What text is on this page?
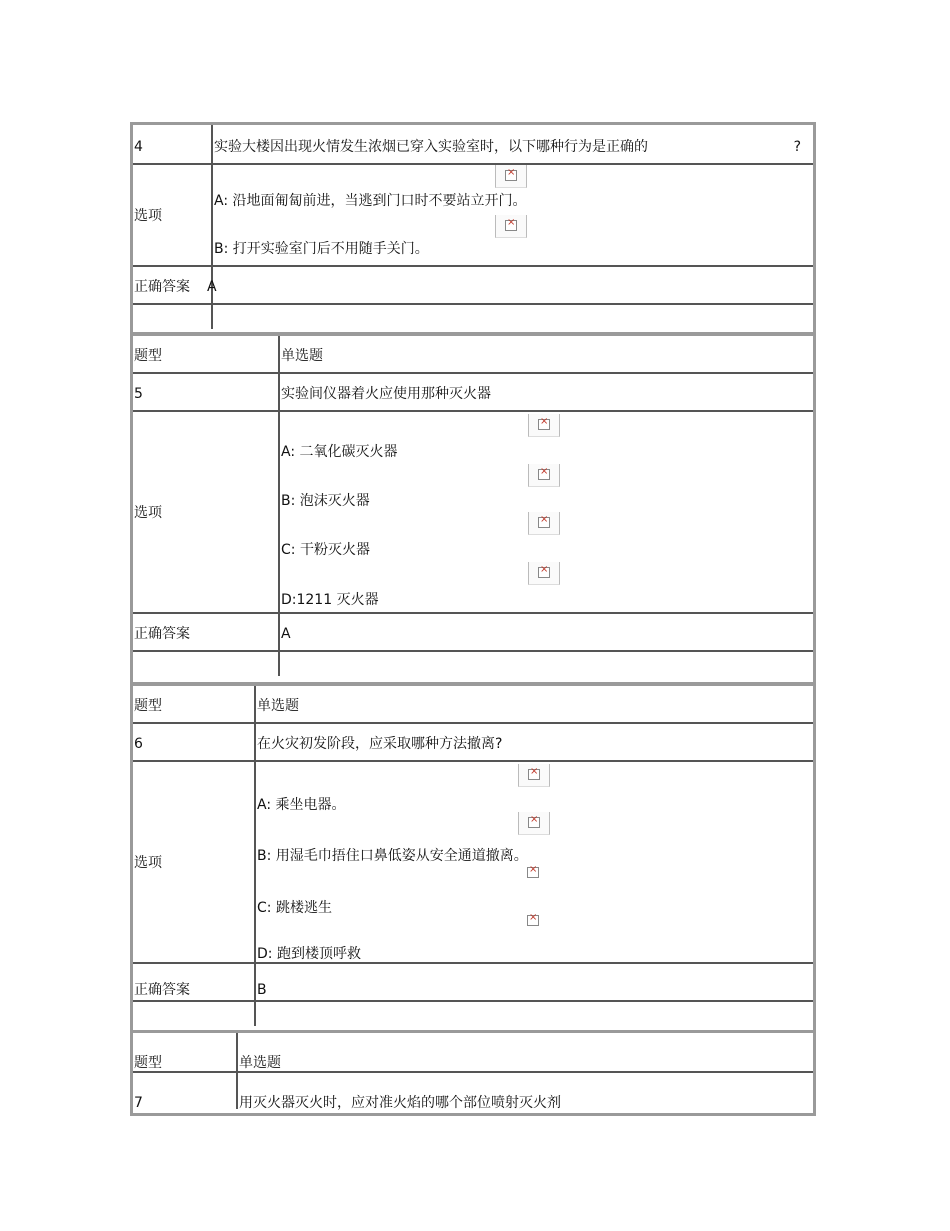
4	实验大楼因出现火情发生浓烟已穿入实验室时，以下哪种行为是正确的	?
选项
×
A: 沿地面匍匐前进，当逃到门口时不要站立开门。
×
B: 打开实验室门后不用随手关门。
正确答案 A
题型	单选题
5	实验间仪器着火应使用那种灭火器
选项
×
A: 二氧化碳灭火器
×
B: 泡沫灭火器
×
C: 干粉灭火器
×
D:1211 灭火器
正确答案	A
题型	单选题
6	在火灾初发阶段，应采取哪种方法撤离?
选项
×
A: 乘坐电器。
×
B: 用湿毛巾捂住口鼻低姿从安全通道撤离。
×
C: 跳楼逃生
×
D: 跑到楼顶呼救
正确答案	B
题型	单选题
7	用灭火器灭火时，应对准火焰的哪个部位喷射灭火剂
